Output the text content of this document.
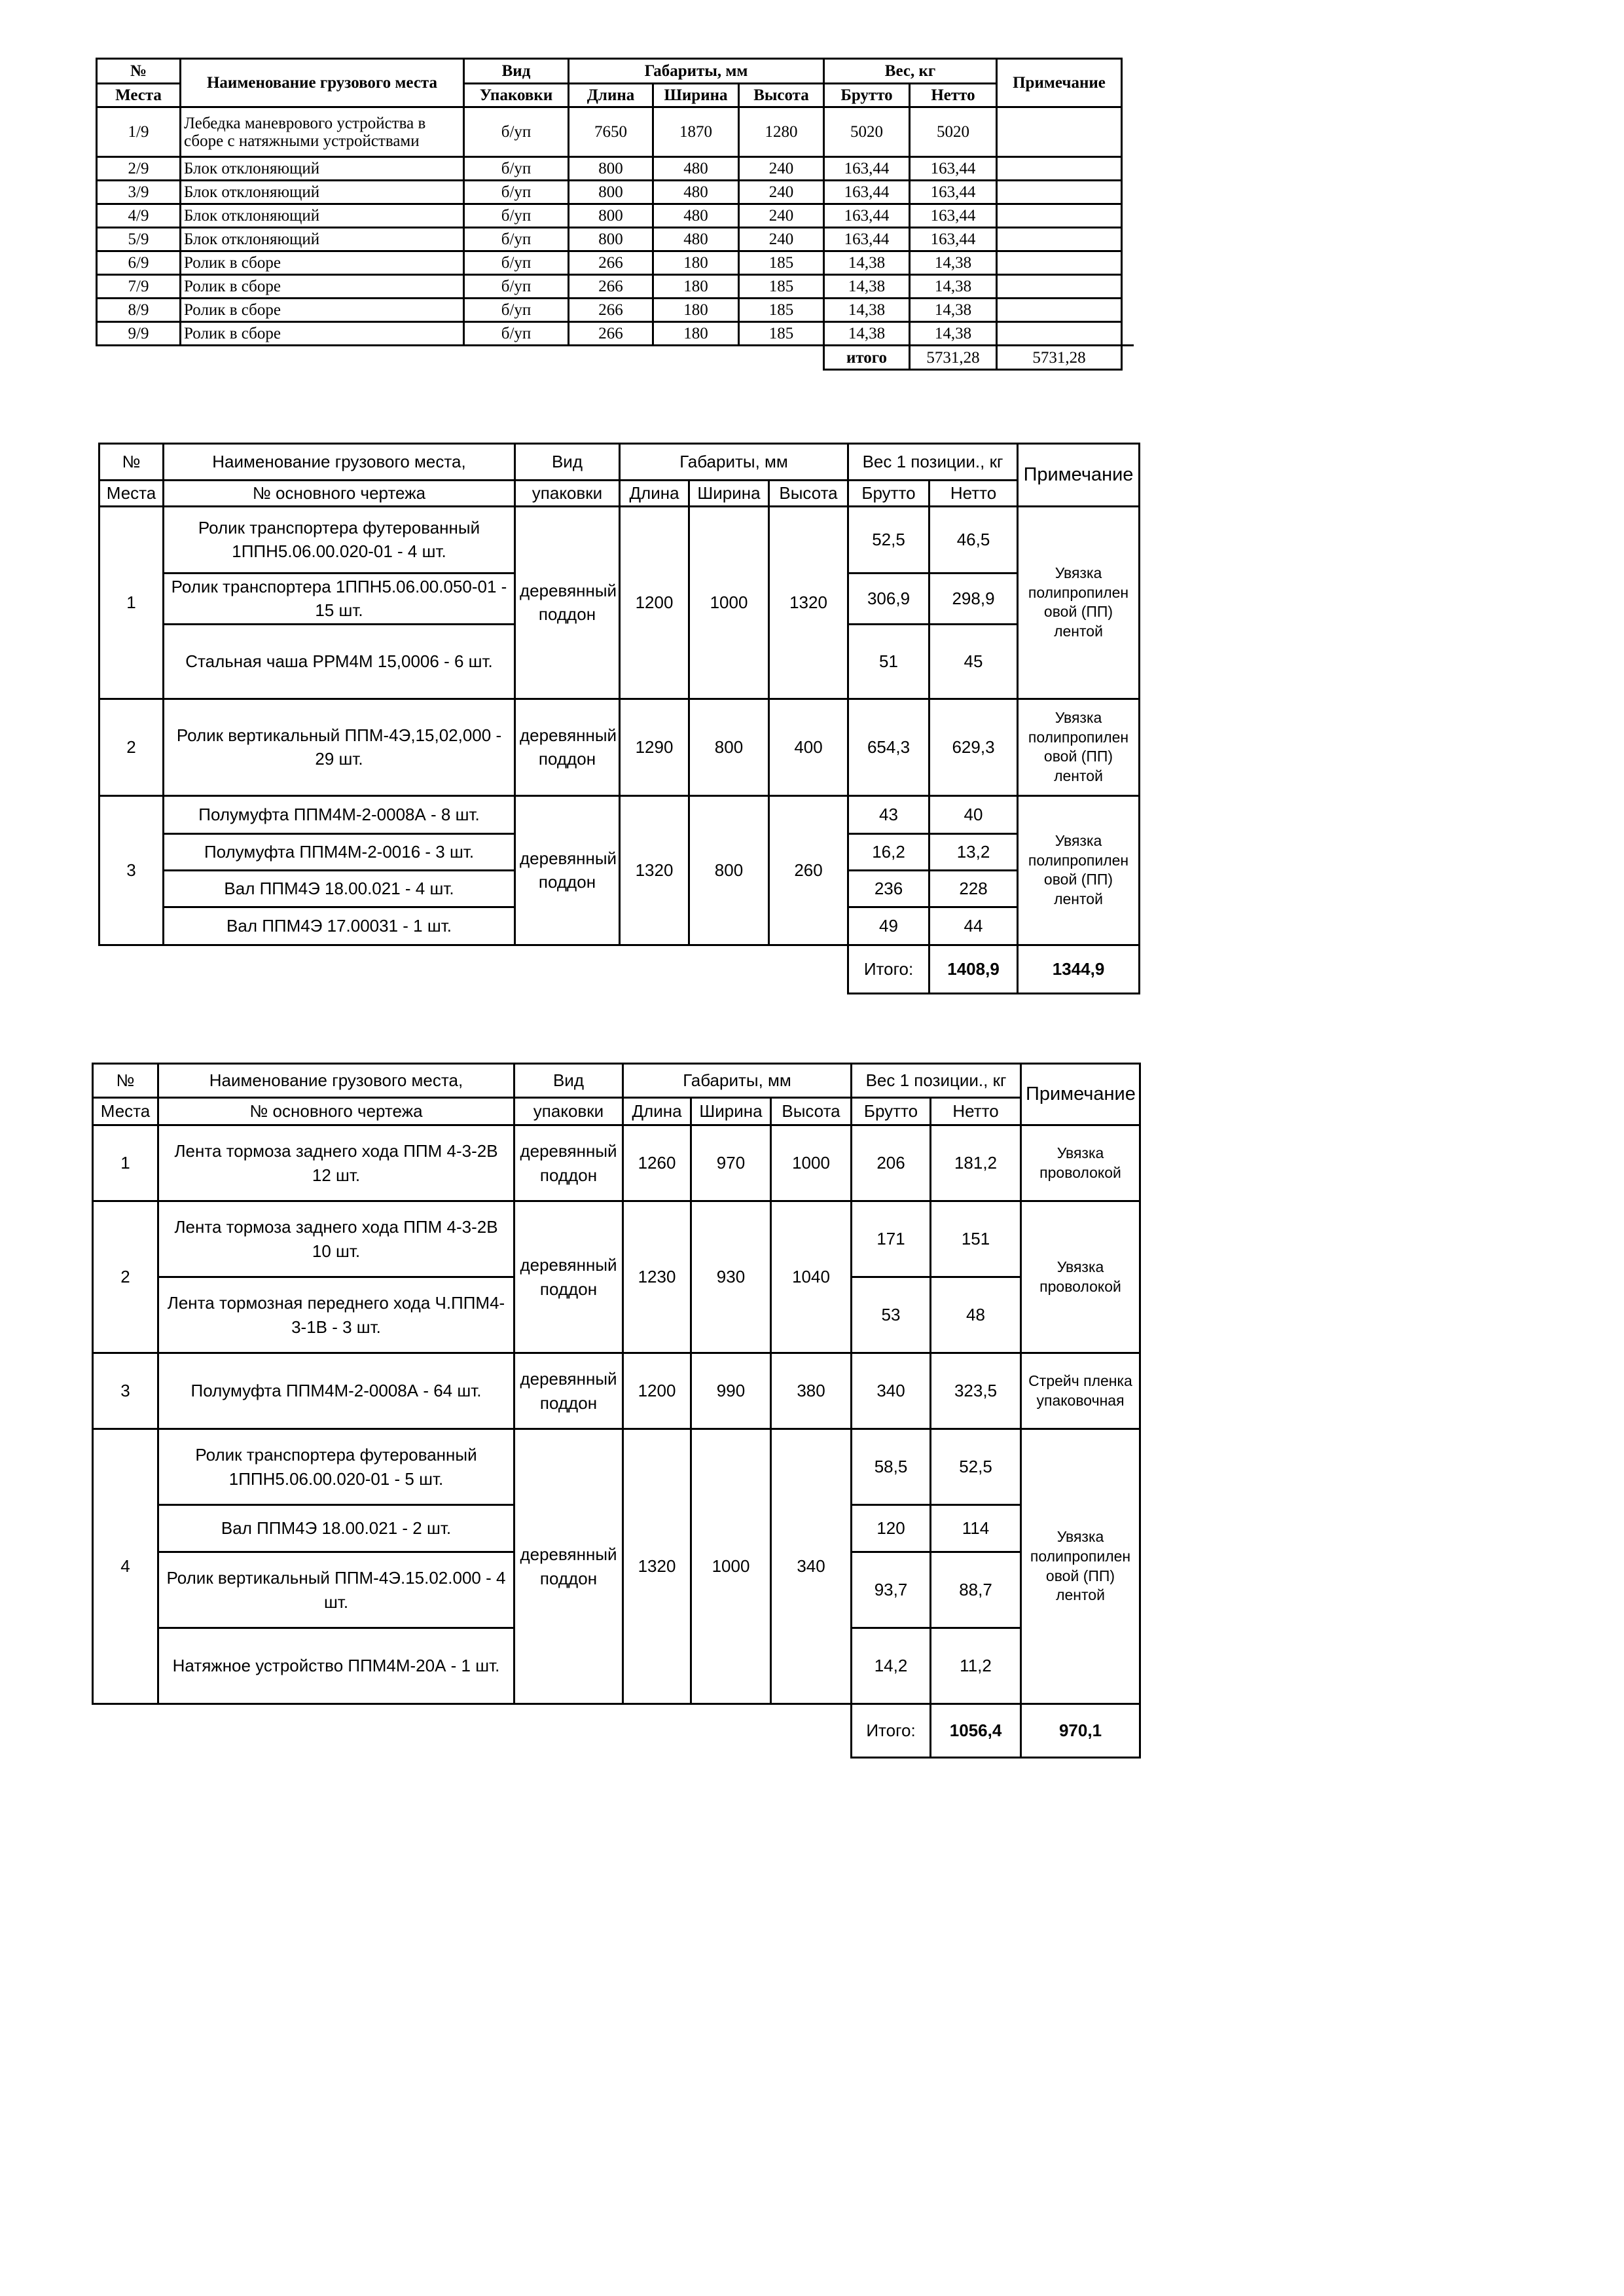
№	Наименование грузового места	Вид	Габариты, мм			Вес, кг		Примечание	
Места		Упаковки	Длина	Ширина	Высота	Брутто	Нетто		
1/9	Лебедка маневрового устройства в сборе с натяжными устройствами	б/уп	7650	1870	1280	5020	5020		
2/9	Блок отклоняющий	б/уп	800	480	240	163,44	163,44		
3/9	Блок отклоняющий	б/уп	800	480	240	163,44	163,44		
4/9	Блок отклоняющий	б/уп	800	480	240	163,44	163,44		
5/9	Блок отклоняющий	б/уп	800	480	240	163,44	163,44		
6/9	Ролик в сборе	б/уп	266	180	185	14,38	14,38		
7/9	Ролик в сборе	б/уп	266	180	185	14,38	14,38		
8/9	Ролик в сборе	б/уп	266	180	185	14,38	14,38		
9/9	Ролик в сборе	б/уп	266	180	185	14,38	14,38		
						итого	5731,28	5731,28	
№	Наименование грузового места,	Вид	Габариты, мм			Вес 1 позиции., кг		Примечание	
Места	№ основного чертежа	упаковки	Длина	Ширина	Высота	Брутто	Нетто		
1	Ролик транспортера футерованный 1ППН5.06.00.020-01 - 4 шт.	деревянный поддон	1200	1000	1320	52,5	46,5	Увязка полипропилен овой (ПП) лентой	
	Ролик транспортера 1ППН5.06.00.050-01 - 15 шт.					306,9	298,9		
	Стальная чаша РРМ4М 15,0006 - 6 шт.					51	45		
2	Ролик вертикальный ППМ-4Э,15,02,000 - 29 шт.	деревянный поддон	1290	800	400	654,3	629,3	Увязка полипропилен овой (ПП) лентой	
3	Полумуфта ППМ4М-2-0008А - 8 шт.	деревянный поддон	1320	800	260	43	40	Увязка полипропилен овой (ПП) лентой	
	Полумуфта ППМ4М-2-0016 - 3 шт.					16,2	13,2		
	Вал ППМ4Э 18.00.021 - 4 шт.					236	228		
	Вал ППМ4Э 17.00031 - 1 шт.					49	44		
						Итого:	1408,9	1344,9	
№	Наименование грузового места,	Вид	Габариты, мм			Вес 1 позиции., кг		Примечание	
Места	№ основного чертежа	упаковки	Длина	Ширина	Высота	Брутто	Нетто		
1	Лента тормоза заднего хода ППМ 4-3-2В 12 шт.	деревянный поддон	1260	970	1000	206	181,2	Увязка проволокой	
2	Лента тормоза заднего хода ППМ 4-3-2В 10 шт.	деревянный поддон	1230	930	1040	171	151	Увязка проволокой	
	Лента тормозная переднего хода Ч.ППМ4-3-1В - 3 шт.					53	48		
3	Полумуфта ППМ4М-2-0008А - 64 шт.	деревянный поддон	1200	990	380	340	323,5	Стрейч пленка упаковочная	
4	Ролик транспортера футерованный 1ППН5.06.00.020-01 - 5 шт.	деревянный поддон	1320	1000	340	58,5	52,5	Увязка полипропилен овой (ПП) лентой	
	Вал ППМ4Э 18.00.021 - 2 шт.					120	114		
	Ролик вертикальный ППМ-4Э.15.02.000 - 4 шт.					93,7	88,7		
	Натяжное устройство ППМ4М-20А - 1 шт.					14,2	11,2		
						Итого:	1056,4	970,1	
